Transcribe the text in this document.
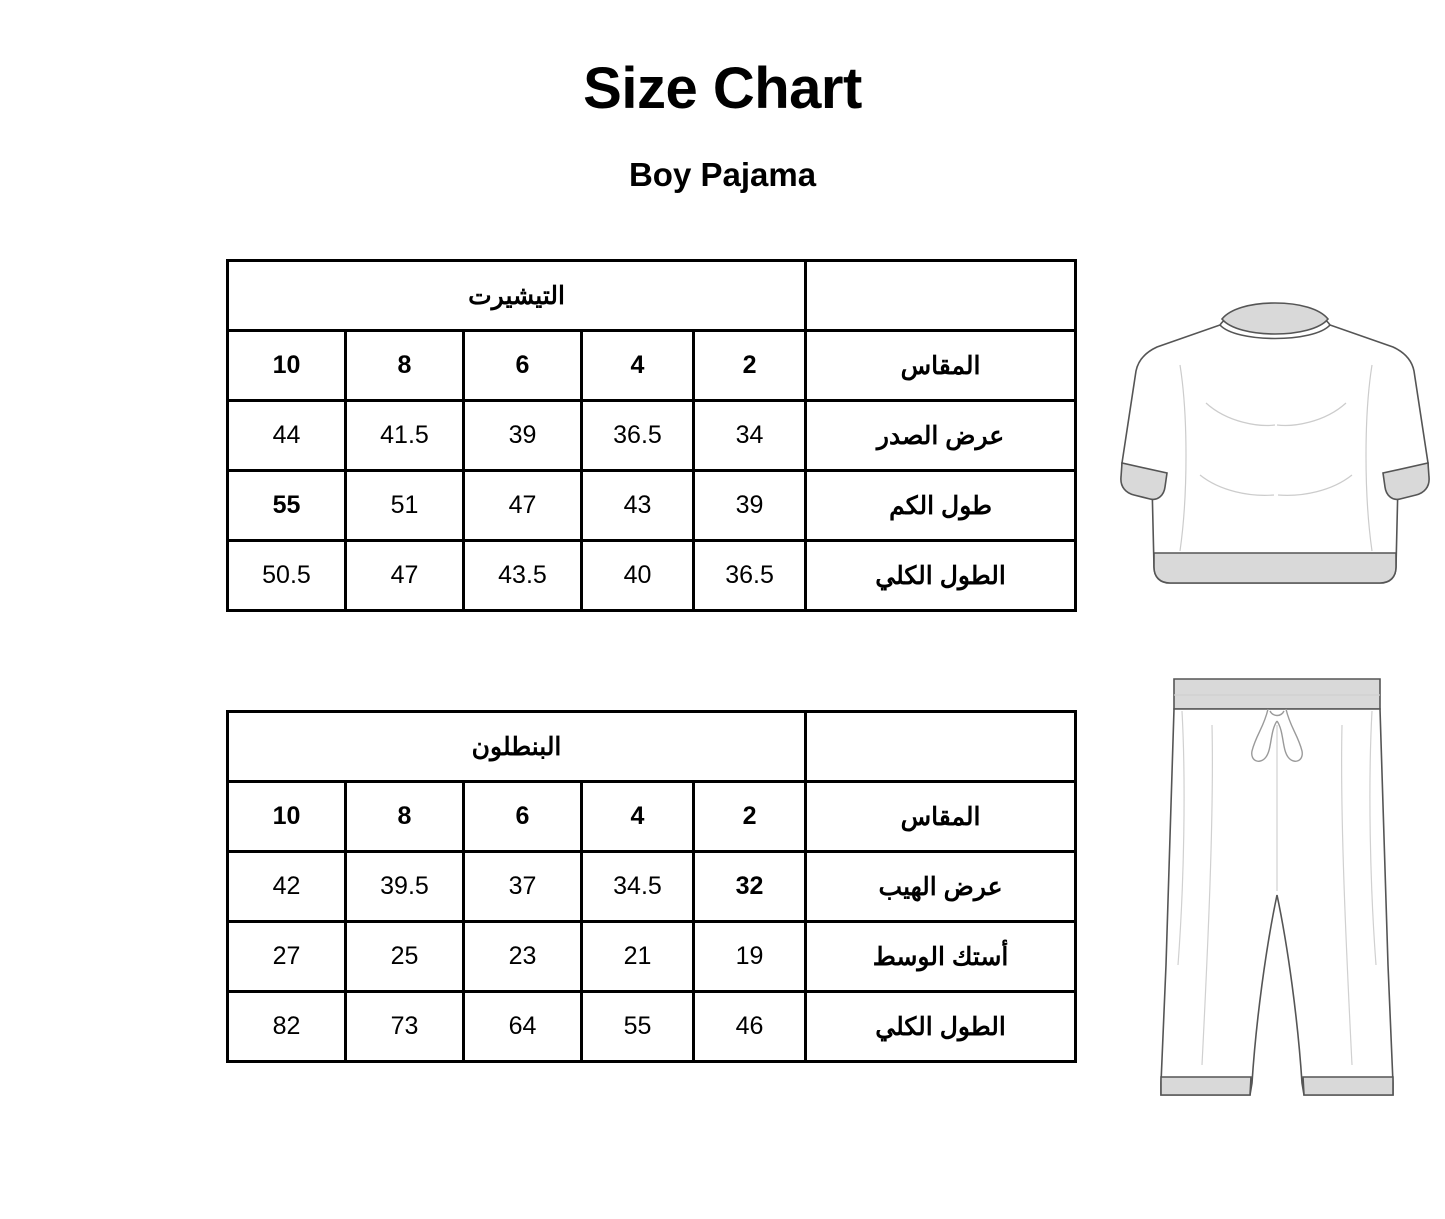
Size Chart
Boy Pajama
التيشيرت					
10	8	6	4	2	المقاس
44	41.5	39	36.5	34	عرض الصدر
55	51	47	43	39	طول الكم
50.5	47	43.5	40	36.5	الطول الكلي
البنطلون					
10	8	6	4	2	المقاس
42	39.5	37	34.5	32	عرض الهيب
27	25	23	21	19	أستك الوسط
82	73	64	55	46	الطول الكلي
